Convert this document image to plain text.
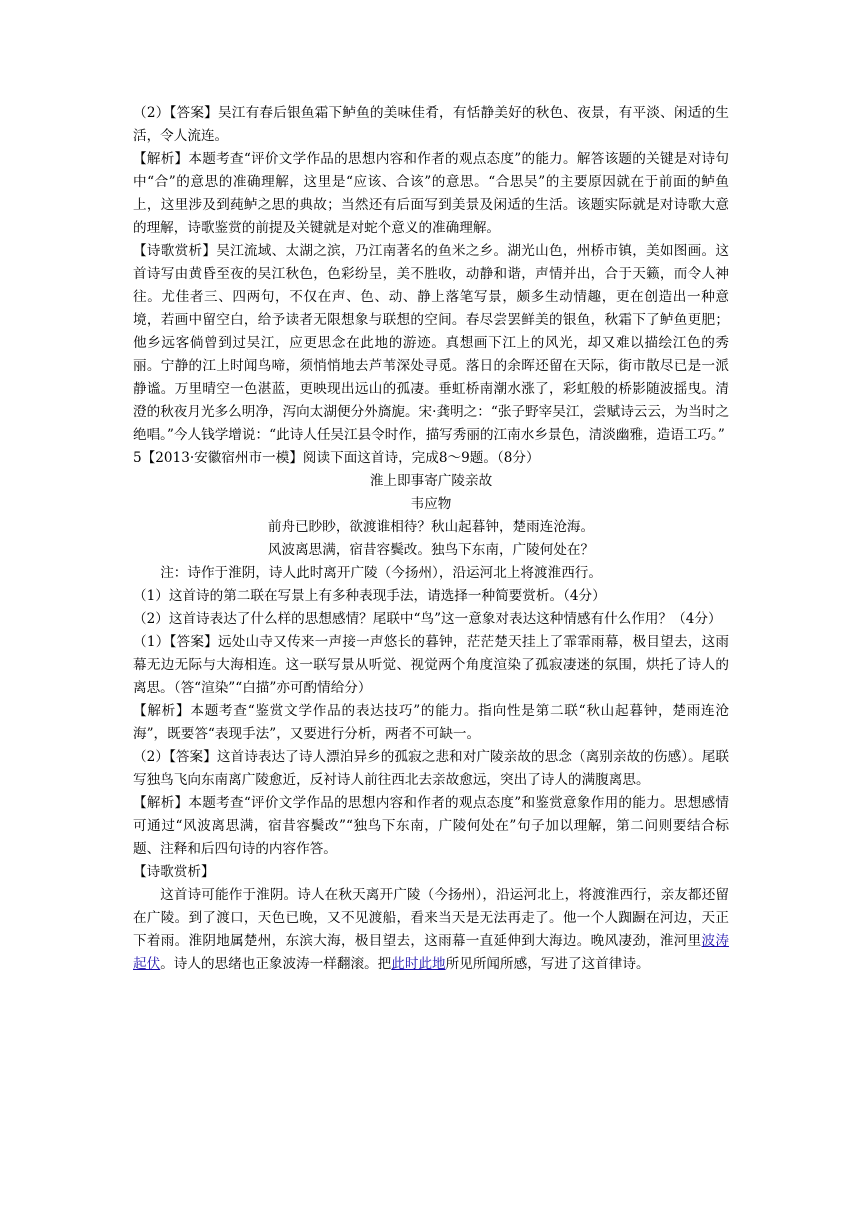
（2）【答案】吴江有春后银鱼霜下鲈鱼的美味佳肴，有恬静美好的秋色、夜景，有平淡、闲适的生活，令人流连。

【解析】本题考查“评价文学作品的思想内容和作者的观点态度”的能力。解答该题的关键是对诗句中“合”的意思的准确理解，这里是“应该、合该”的意思。“合思吴”的主要原因就在于前面的鲈鱼上，这里涉及到莼鲈之思的典故；当然还有后面写到美景及闲适的生活。该题实际就是对诗歌大意的理解，诗歌鉴赏的前提及关键就是对蛇个意义的准确理解。

【诗歌赏析】吴江流域、太湖之滨，乃江南著名的鱼米之乡。湖光山色，州桥市镇，美如图画。这首诗写由黄昏至夜的吴江秋色，色彩纷呈，美不胜收，动静和谐，声情并出，合于天籁，而令人神往。尤佳者三、四两句，不仅在声、色、动、静上落笔写景，颇多生动情趣，更在创造出一种意境，若画中留空白，给予读者无限想象与联想的空间。春尽尝罢鲜美的银鱼，秋霜下了鲈鱼更肥；他乡远客倘曾到过吴江，应更思念在此地的游迹。真想画下江上的风光，却又难以描绘江色的秀丽。宁静的江上时闻鸟啼，须悄悄地去芦苇深处寻觅。落日的余晖还留在天际，街市散尽已是一派静谧。万里晴空一色湛蓝，更映现出远山的孤凄。垂虹桥南潮水涨了，彩虹般的桥影随波摇曳。清澄的秋夜月光多么明净，泻向太湖便分外旖旎。宋·龚明之：“张子野宰吴江，尝赋诗云云，为当时之绝唱。”今人钱学增说：“此诗人任吴江县令时作，描写秀丽的江南水乡景色，清淡幽雅，造语工巧。”

5【2013·安徽宿州市一模】阅读下面这首诗，完成8～9题。（8分）

淮上即事寄广陵亲故

韦应物

前舟已眇眇，欲渡谁相待？秋山起暮钟，楚雨连沧海。

风波离思满，宿昔容鬓改。独鸟下东南，广陵何处在？

注：诗作于淮阴，诗人此时离开广陵（今扬州），沿运河北上将渡淮西行。

（1）这首诗的第二联在写景上有多种表现手法，请选择一种简要赏析。（4分）

（2）这首诗表达了什么样的思想感情？尾联中“鸟”这一意象对表达这种情感有什么作用？（4分）

（1）【答案】远处山寺又传来一声接一声悠长的暮钟，茫茫楚天挂上了霏霏雨幕，极目望去，这雨幕无边无际与大海相连。这一联写景从听觉、视觉两个角度渲染了孤寂凄迷的氛围，烘托了诗人的离思。（答“渲染”“白描”亦可酌情给分）

【解析】本题考查“鉴赏文学作品的表达技巧”的能力。指向性是第二联“秋山起暮钟，楚雨连沧海”，既要答“表现手法”，又要进行分析，两者不可缺一。

（2）【答案】这首诗表达了诗人漂泊异乡的孤寂之悲和对广陵亲故的思念（离别亲故的伤感）。尾联写独鸟飞向东南离广陵愈近，反衬诗人前往西北去亲故愈远，突出了诗人的满腹离思。

【解析】本题考查“评价文学作品的思想内容和作者的观点态度”和鉴赏意象作用的能力。思想感情可通过“风波离思满，宿昔容鬓改”“独鸟下东南，广陵何处在”句子加以理解，第二问则要结合标题、注释和后四句诗的内容作答。

【诗歌赏析】

这首诗可能作于淮阴。诗人在秋天离开广陵（今扬州），沿运河北上，将渡淮西行，亲友都还留在广陵。到了渡口，天色已晚，又不见渡船，看来当天是无法再走了。他一个人踟蹰在河边，天正下着雨。淮阴地属楚州，东滨大海，极目望去，这雨幕一直延伸到大海边。晚风凄劲，淮河里波涛起伏。诗人的思绪也正象波涛一样翻滚。把此时此地所见所闻所感，写进了这首律诗。
